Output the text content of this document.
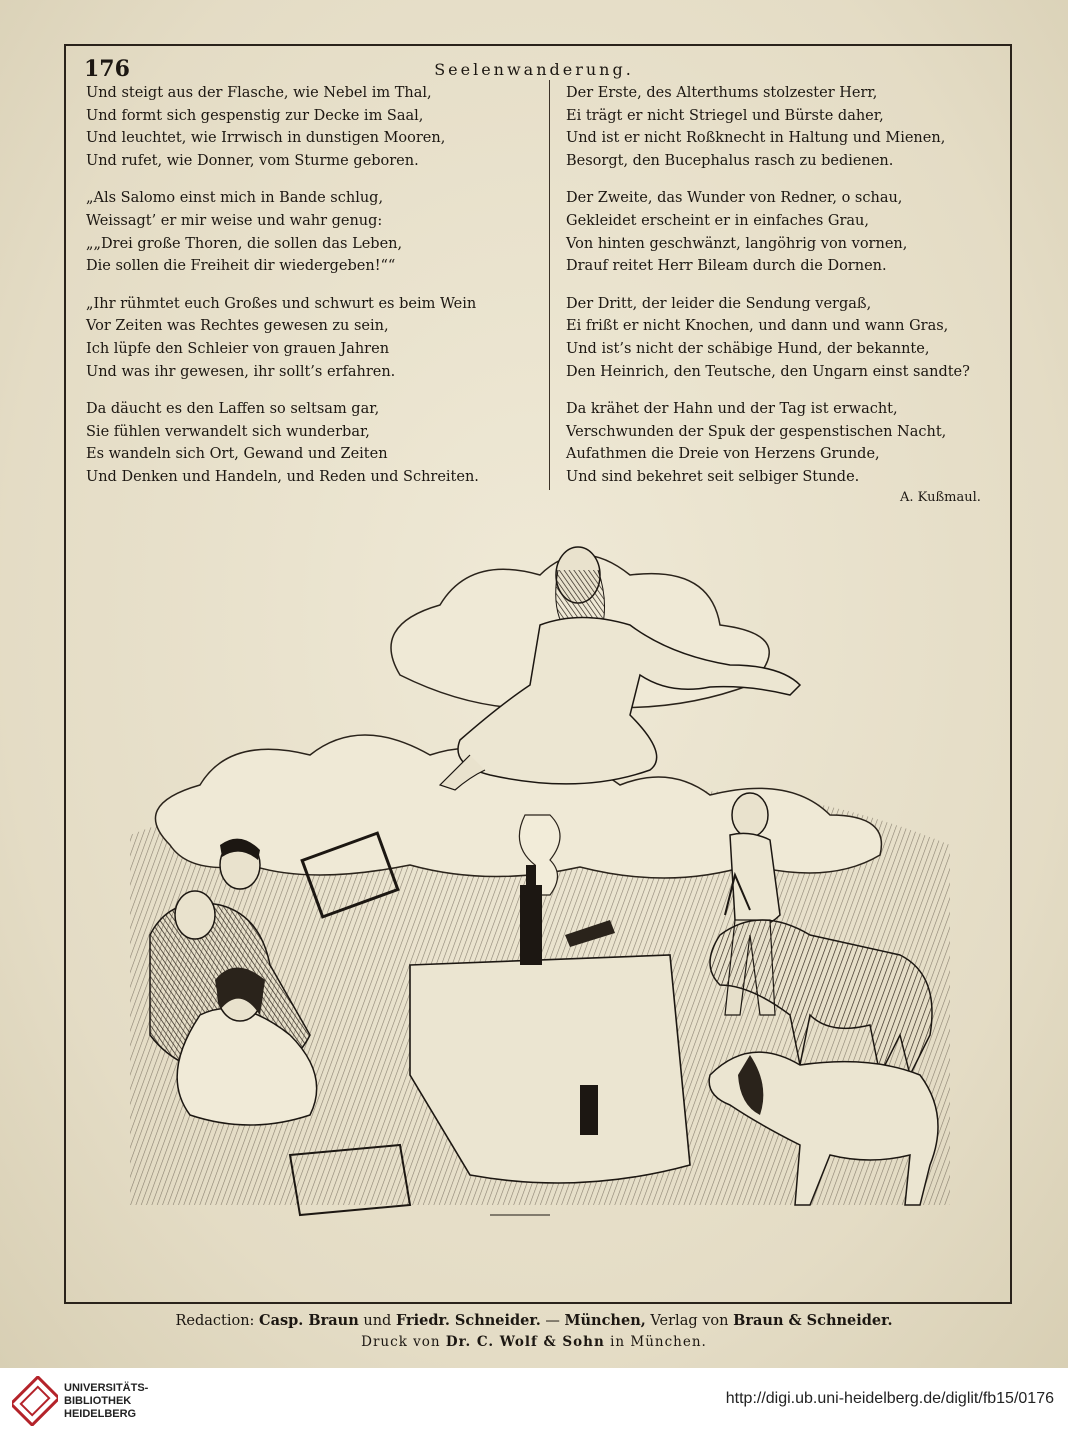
176	Seelenwanderung.
Und steigt aus der Flasche, wie Nebel im Thal,
Und formt sich gespenstig zur Decke im Saal,
Und leuchtet, wie Irrwisch in dunstigen Mooren,
Und rufet, wie Donner, vom Sturme geboren.
„Als Salomo einst mich in Bande schlug,
Weissagt’ er mir weise und wahr genug:
„„Drei große Thoren, die sollen das Leben,
Die sollen die Freiheit dir wiedergeben!““
„Ihr rühmtet euch Großes und schwurt es beim Wein
Vor Zeiten was Rechtes gewesen zu sein,
Ich lüpfe den Schleier von grauen Jahren
Und was ihr gewesen, ihr sollt’s erfahren.
Da däucht es den Laffen so seltsam gar,
Sie fühlen verwandelt sich wunderbar,
Es wandeln sich Ort, Gewand und Zeiten
Und Denken und Handeln, und Reden und Schreiten.
Der Erste, des Alterthums stolzester Herr,
Ei trägt er nicht Striegel und Bürste daher,
Und ist er nicht Roßknecht in Haltung und Mienen,
Besorgt, den Bucephalus rasch zu bedienen.
Der Zweite, das Wunder von Redner, o schau,
Gekleidet erscheint er in einfaches Grau,
Von hinten geschwänzt, langöhrig von vornen,
Drauf reitet Herr Bileam durch die Dornen.
Der Dritt, der leider die Sendung vergaß,
Ei frißt er nicht Knochen, und dann und wann Gras,
Und ist’s nicht der schäbige Hund, der bekannte,
Den Heinrich, den Teutsche, den Ungarn einst sandte?
Da krähet der Hahn und der Tag ist erwacht,
Verschwunden der Spuk der gespenstischen Nacht,
Aufathmen die Dreie von Herzens Grunde,
Und sind bekehret seit selbiger Stunde.
A. Kußmaul.
Redaction: Casp. Braun und Friedr. Schneider. — München, Verlag von Braun & Schneider.
Druck von Dr. C. Wolf & Sohn in München.
UNIVERSITÄTS-
BIBLIOTHEK
HEIDELBERG
http://digi.ub.uni-heidelberg.de/diglit/fb15/0176
